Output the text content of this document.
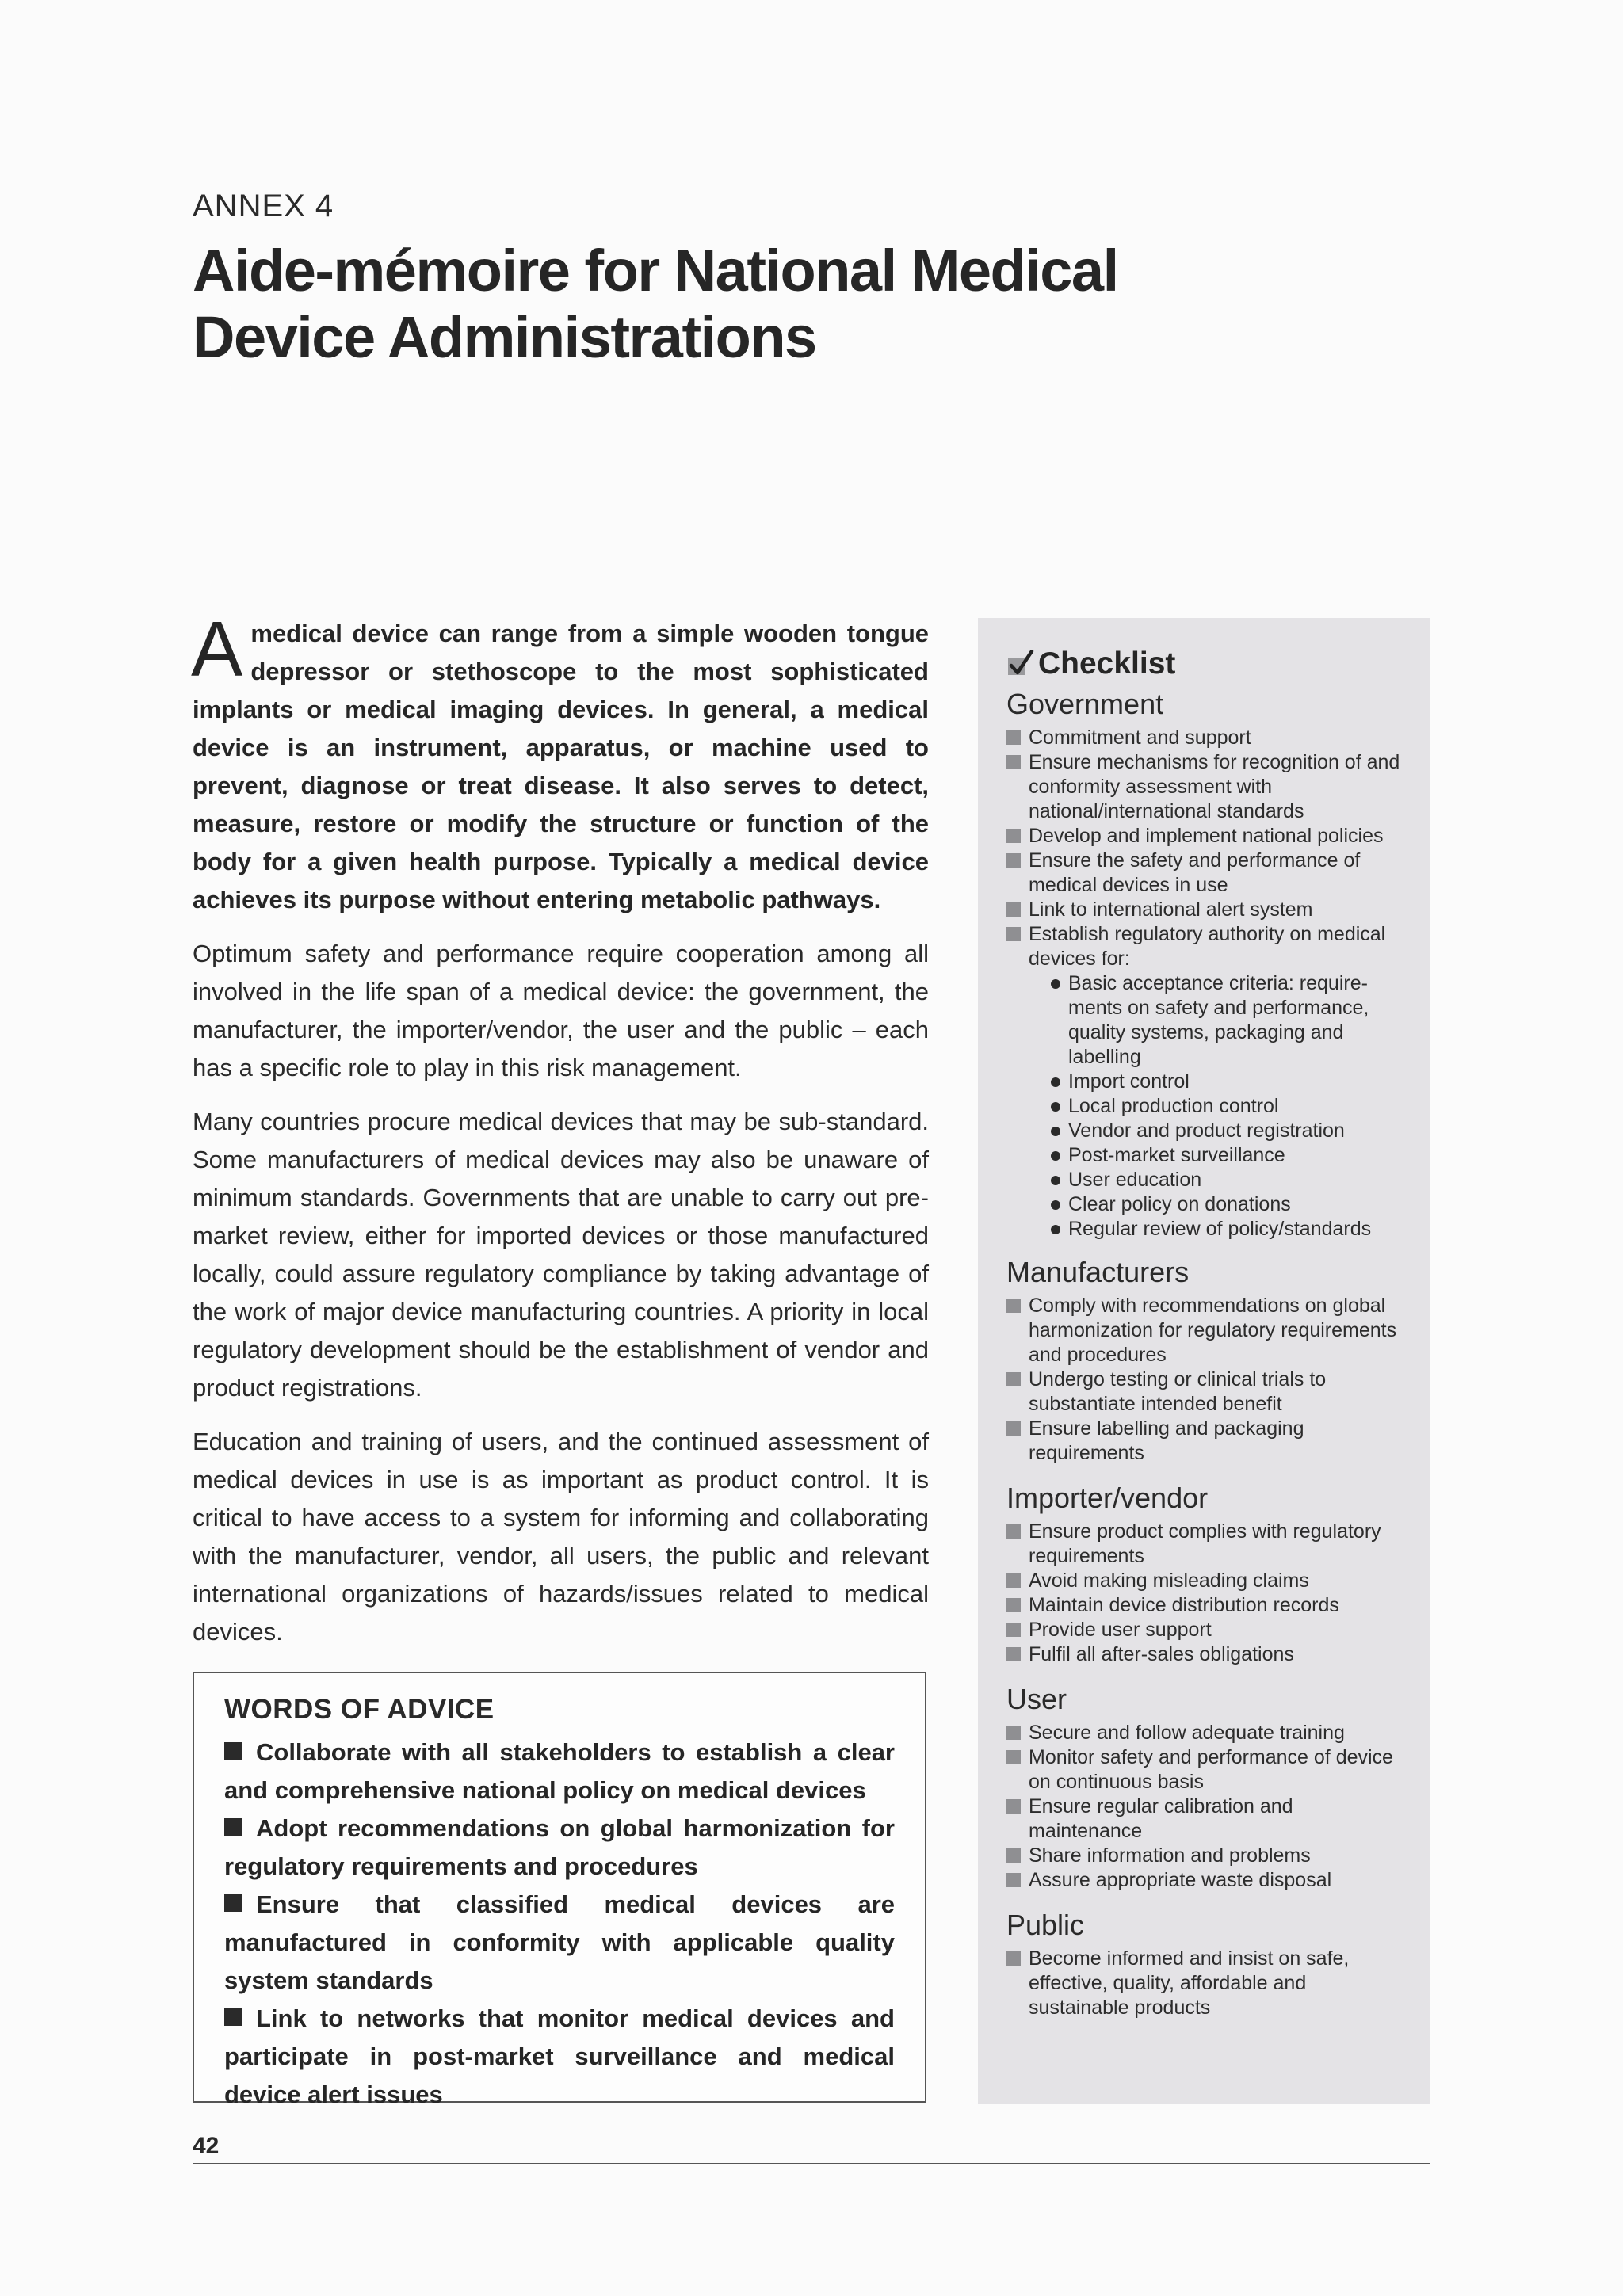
ANNEX 4
Aide-mémoire for National Medical
Device Administrations

Amedical device can range from a simple wooden tongue depressor or stethoscope to the most sophisticated implants or medical imaging devices. In general, a medical device is an instrument, apparatus, or machine used to prevent, diagnose or treat disease. It also serves to detect, measure, restore or modify the structure or function of the body for a given health purpose. Typically a medical device achieves its purpose without entering metabolic pathways.

Optimum safety and performance require cooperation among all involved in the life span of a medical device: the government, the manufacturer, the importer/vendor, the user and the public – each has a specific role to play in this risk management.

Many countries procure medical devices that may be sub-standard. Some manufacturers of medical devices may also be unaware of minimum standards. Governments that are unable to carry out pre-market review, either for imported devices or those manufactured locally, could assure regulatory compliance by taking advantage of the work of major device manufacturing countries. A priority in local regulatory development should be the establishment of vendor and product registrations.

Education and training of users, and the continued assessment of medical devices in use is as important as product control. It is critical to have access to a system for informing and collaborating with the manufacturer, vendor, all users, the public and relevant international organizations of hazards/issues related to medical devices.

WORDS OF ADVICE

Collaborate with all stakeholders to establish a clear and comprehensive national policy on medical devices

Adopt recommendations on global harmonization for regulatory requirements and procedures

Ensure that classified medical devices are manufactured in conformity with applicable quality system standards

Link to networks that monitor medical devices and participate in post-market surveillance and medical device alert issues

Checklist
Government
Commitment and support
Ensure mechanisms for recognition of and conformity assessment with national/international standards
Develop and implement national policies
Ensure the safety and performance of medical devices in use
Link to international alert system
Establish regulatory authority on medical devices for:
Basic acceptance criteria: requirements on safety and performance, quality systems, packaging and labelling
Import control
Local production control
Vendor and product registration
Post-market surveillance
User education
Clear policy on donations
Regular review of policy/standards
Manufacturers
Comply with recommendations on global harmonization for regulatory requirements and procedures
Undergo testing or clinical trials to substantiate intended benefit
Ensure labelling and packaging requirements
Importer/vendor
Ensure product complies with regulatory requirements
Avoid making misleading claims
Maintain device distribution records
Provide user support
Fulfil all after-sales obligations
User
Secure and follow adequate training
Monitor safety and performance of device on continuous basis
Ensure regular calibration and maintenance
Share information and problems
Assure appropriate waste disposal
Public
Become informed and insist on safe, effective, quality, affordable and sustainable products
42
